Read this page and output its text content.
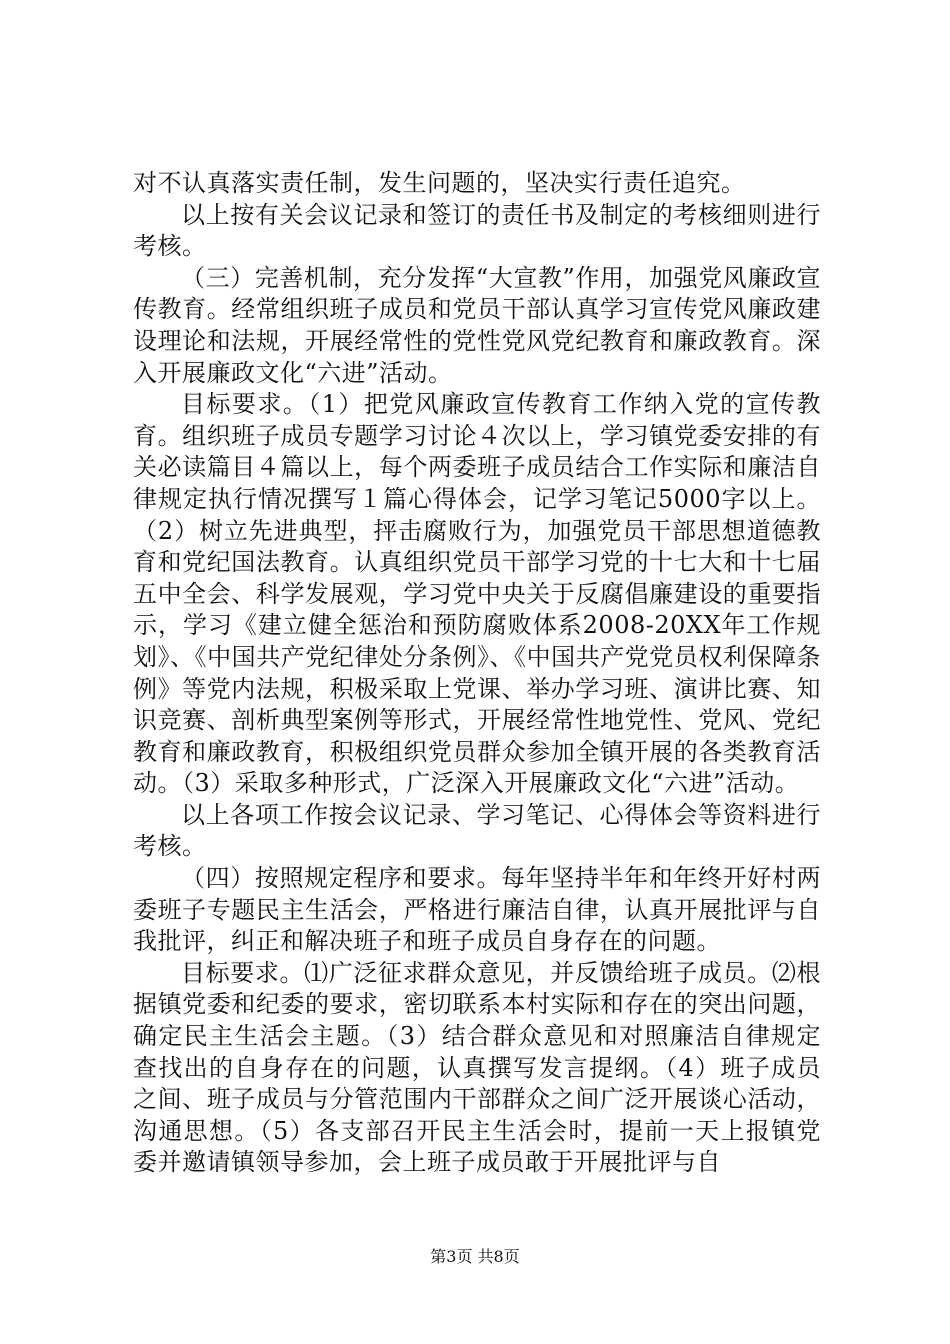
对不认真落实责任制，发生问题的，坚决实行责任追究。

以上按有关会议记录和签订的责任书及制定的考核细则进行考核。

（三）完善机制，充分发挥“大宣教”作用，加强党风廉政宣传教育。经常组织班子成员和党员干部认真学习宣传党风廉政建设理论和法规，开展经常性的党性党风党纪教育和廉政教育。深入开展廉政文化“六进”活动。

目标要求。（1）把党风廉政宣传教育工作纳入党的宣传教育。组织班子成员专题学习讨论４次以上，学习镇党委安排的有关必读篇目４篇以上，每个两委班子成员结合工作实际和廉洁自律规定执行情况撰写１篇心得体会，记学习笔记5000字以上。（2）树立先进典型，抨击腐败行为，加强党员干部思想道德教育和党纪国法教育。认真组织党员干部学习党的十七大和十七届五中全会、科学发展观，学习党中央关于反腐倡廉建设的重要指示，学习《建立健全惩治和预防腐败体系2008-20XX年工作规划》、《中国共产党纪律处分条例》、《中国共产党党员权利保障条例》等党内法规，积极采取上党课、举办学习班、演讲比赛、知识竞赛、剖析典型案例等形式，开展经常性地党性、党风、党纪教育和廉政教育，积极组织党员群众参加全镇开展的各类教育活动。（3）采取多种形式，广泛深入开展廉政文化“六进”活动。

以上各项工作按会议记录、学习笔记、心得体会等资料进行考核。

（四）按照规定程序和要求。每年坚持半年和年终开好村两委班子专题民主生活会，严格进行廉洁自律，认真开展批评与自我批评，纠正和解决班子和班子成员自身存在的问题。

目标要求。⑴广泛征求群众意见，并反馈给班子成员。⑵根据镇党委和纪委的要求，密切联系本村实际和存在的突出问题，确定民主生活会主题。（3）结合群众意见和对照廉洁自律规定查找出的自身存在的问题，认真撰写发言提纲。（4）班子成员之间、班子成员与分管范围内干部群众之间广泛开展谈心活动，沟通思想。（5）各支部召开民主生活会时，提前一天上报镇党委并邀请镇领导参加，会上班子成员敢于开展批评与自

第3页 共8页
